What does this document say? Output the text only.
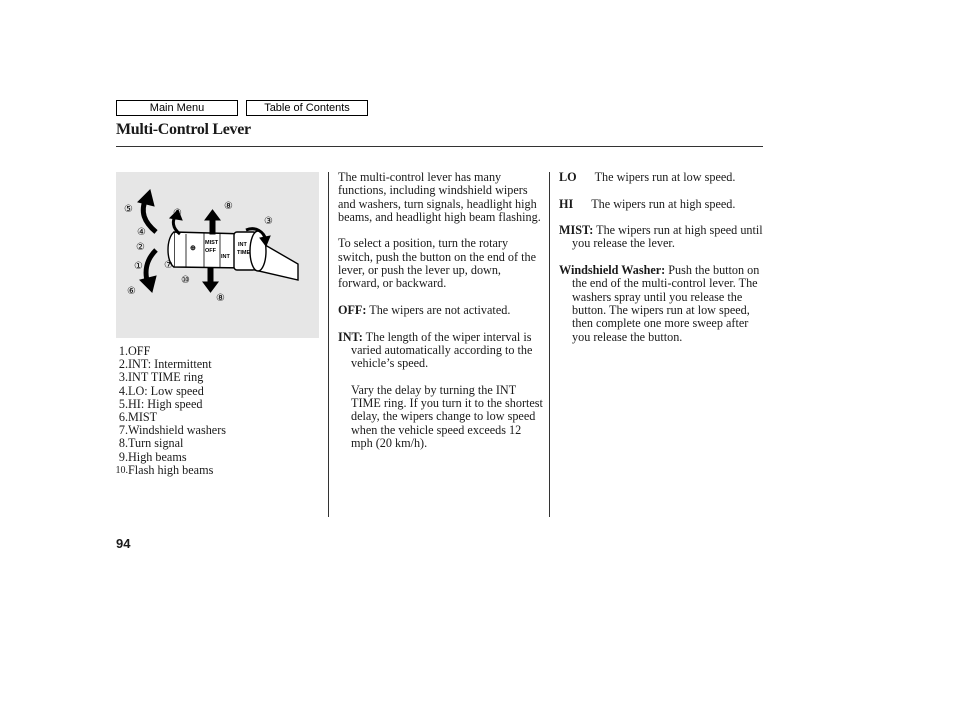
Main Menu	Table of Contents
Multi-Control Lever
MIST
OFF
INT
INT
TIME
⊕
⑤	⑨
⑧
③
④
②
① ⑦
⑩
⑥
⑧
1. OFF
2. INT: Intermittent
3. INT TIME ring
4. LO: Low speed
5. HI: High speed
6. MIST
7. Windshield washers
8. Turn signal
9. High beams
10. Flash high beams

The multi-control lever has many functions, including windshield wipers and washers, turn signals, headlight high beams, and headlight high beam flashing.

To select a position, turn the rotary switch, push the button on the end of the lever, or push the lever up, down, forward, or backward.

OFF: The wipers are not activated.

INT: The length of the wiper interval is varied automatically according to the vehicle’s speed.

Vary the delay by turning the INT TIME ring. If you turn it to the shortest delay, the wipers change to low speed when the vehicle speed exceeds 12 mph (20 km/h).

LO The wipers run at low speed.

HI The wipers run at high speed.

MIST: The wipers run at high speed until you release the lever.

Windshield Washer: Push the button on the end of the multi-control lever. The washers spray until you release the button. The wipers run at low speed, then complete one more sweep after you release the button.

94
